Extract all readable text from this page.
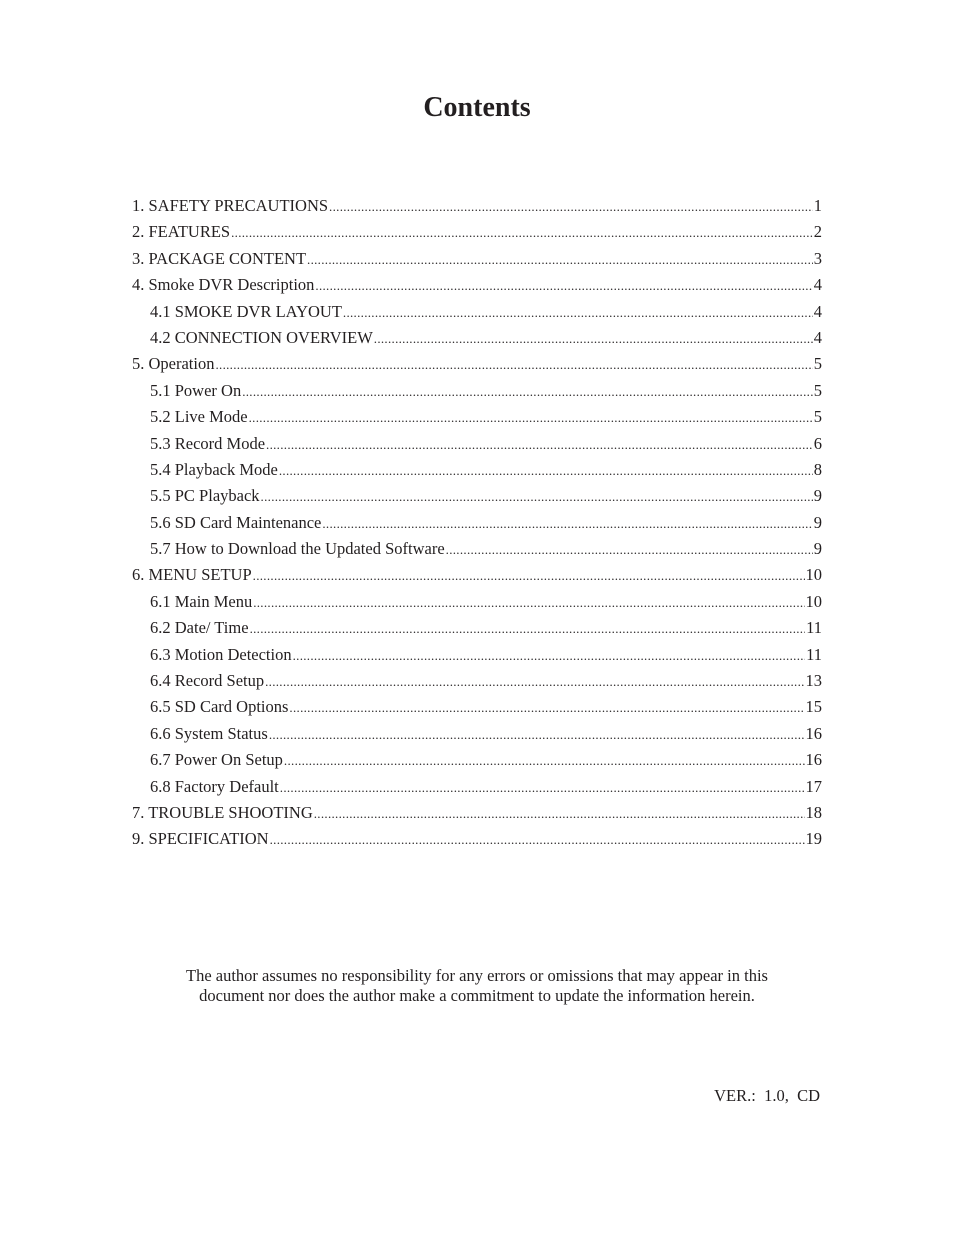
Contents
1. SAFETY PRECAUTIONS .....	1
2. FEATURES .....	2
3. PACKAGE CONTENT .....	3
4. Smoke DVR Description .....	4
4.1 SMOKE DVR LAYOUT .....	4
4.2 CONNECTION OVERVIEW .....	4
5. Operation .....	5
5.1 Power On .....	5
5.2 Live Mode .....	5
5.3 Record Mode .....	6
5.4 Playback Mode .....	8
5.5 PC Playback .....	9
5.6 SD Card Maintenance .....	9
5.7 How to Download the Updated Software .....	9
6. MENU SETUP .....	10
6.1 Main Menu .....	10
6.2 Date/ Time .....	11
6.3 Motion Detection .....	11
6.4 Record Setup .....	13
6.5 SD Card Options .....	15
6.6 System Status .....	16
6.7 Power On Setup .....	16
6.8 Factory Default .....	17
7. TROUBLE SHOOTING .....	18
9. SPECIFICATION .....	19
The author assumes no responsibility for any errors or omissions that may appear in this
document nor does the author make a commitment to update the information herein.
VER.:  1.0,  CD
